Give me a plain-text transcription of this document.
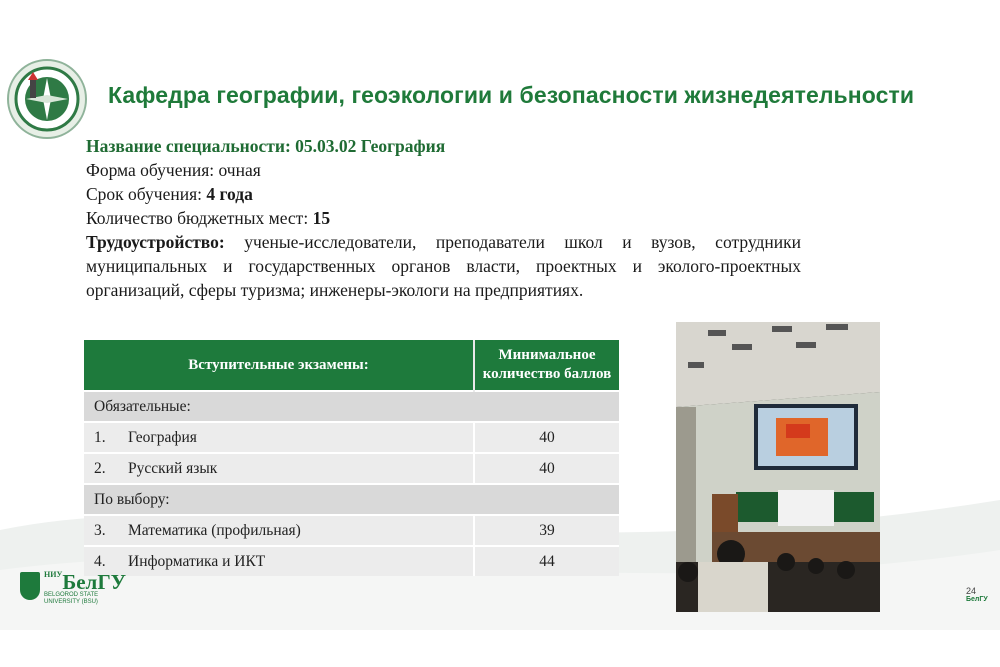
Кафедра географии, геоэкологии и безопасности жизнедеятельности
Название специальности: 05.03.02 География
Форма обучения: очная
Срок обучения: 4 года
Количество бюджетных мест: 15
Трудоустройство: ученые-исследователи, преподаватели школ и вузов, сотрудники муниципальных и государственных органов власти, проектных и эколого-проектных организаций, сферы туризма; инженеры-экологи на предприятиях.
Вступительные экзамены:		Минимальное
количество баллов
Обязательные:		
1.	География	40
2.	Русский язык	40
По выбору:		
3.	Математика (профильная)	39
4.	Информатика и ИКТ	44
$^{НИУ}$БелГУ
BELGOROD STATE
UNIVERSITY (BSU)
24
БелГУ
